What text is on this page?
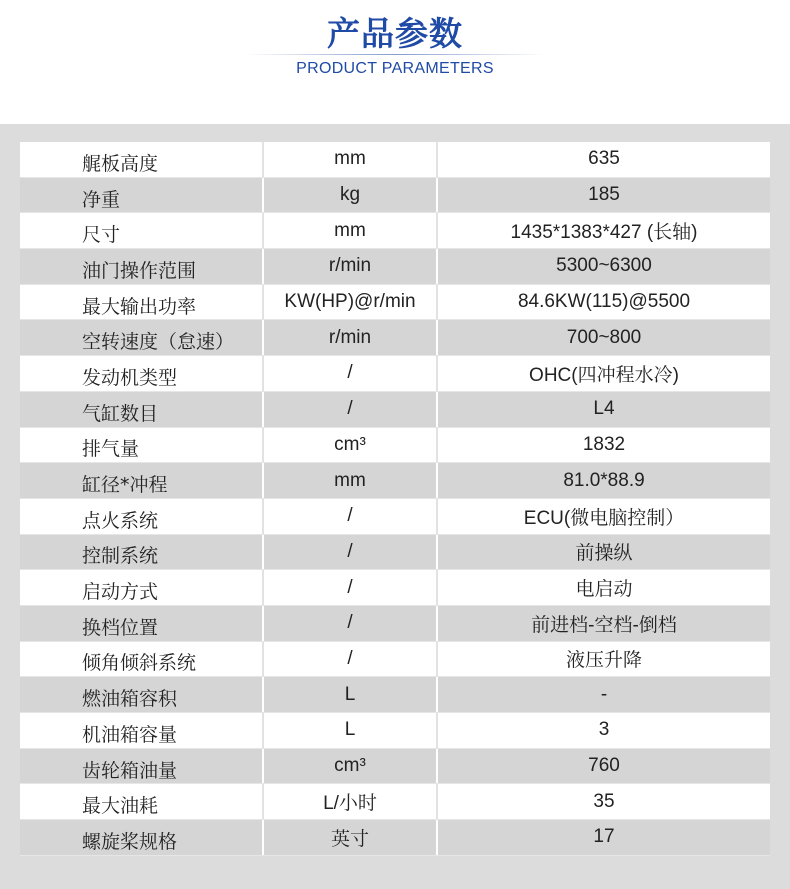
产品参数
PRODUCT PARAMETERS
艉板高度	mm	635
净重	kg	185
尺寸	mm	1435*1383*427 (长轴)
油门操作范围	r/min	5300~6300
最大输出功率	KW(HP)@r/min	84.6KW(115)@5500
空转速度（怠速）	r/min	700~800
发动机类型	/	OHC(四冲程水冷)
气缸数目	/	L4
排气量	cm³	1832
缸径*冲程	mm	81.0*88.9
点火系统	/	ECU(微电脑控制）
控制系统	/	前操纵
启动方式	/	电启动
换档位置	/	前进档-空档-倒档
倾角倾斜系统	/	液压升降
燃油箱容积	L	-
机油箱容量	L	3
齿轮箱油量	cm³	760
最大油耗	L/小时	35
螺旋桨规格	英寸	17
